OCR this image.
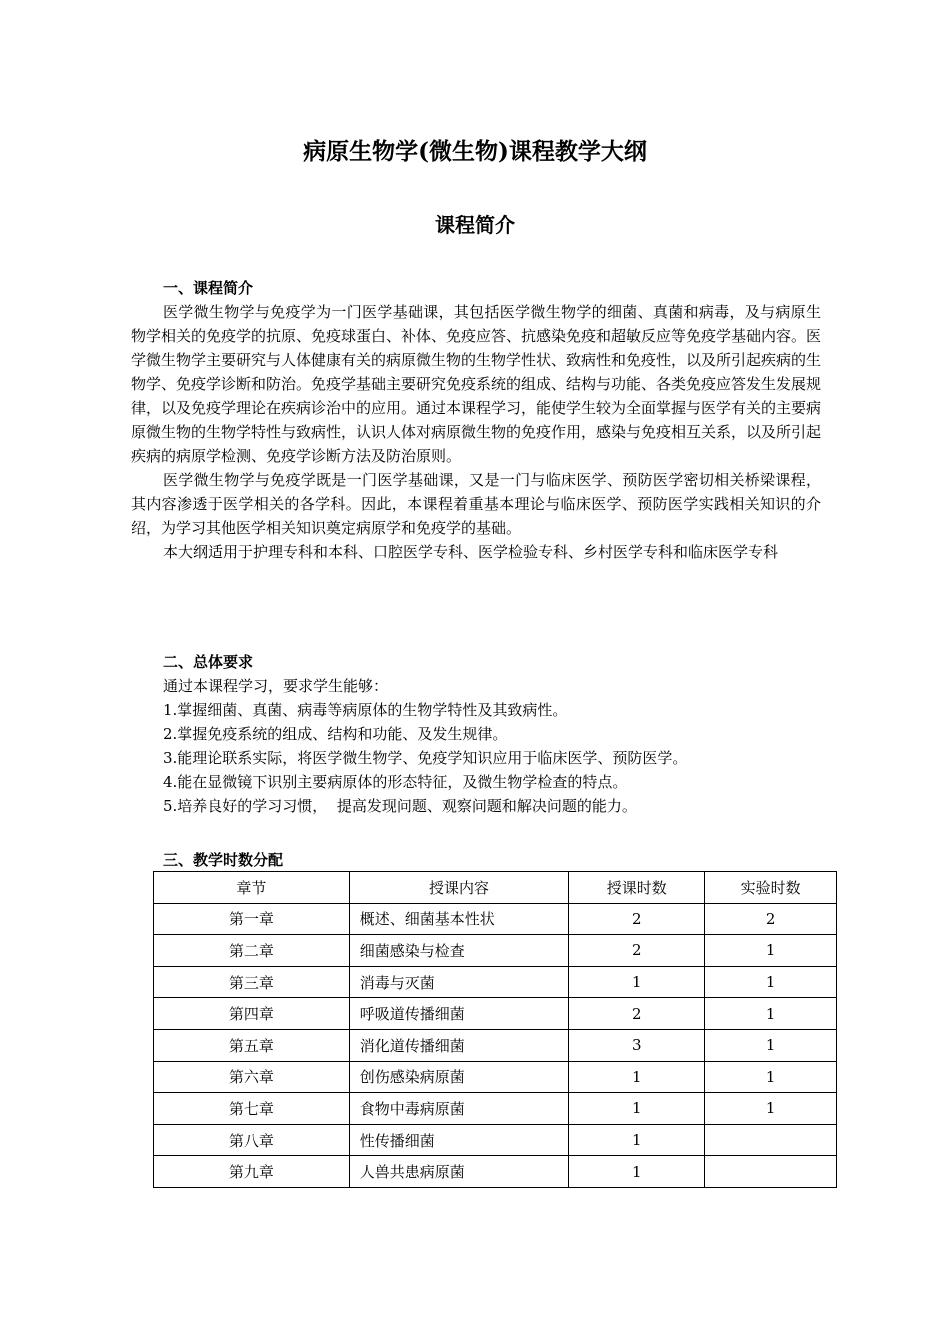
病原生物学(微生物)课程教学大纲
课程简介
一、课程简介

医学微生物学与免疫学为一门医学基础课，其包括医学微生物学的细菌、真菌和病毒，及与病原生物学相关的免疫学的抗原、免疫球蛋白、补体、免疫应答、抗感染免疫和超敏反应等免疫学基础内容。医学微生物学主要研究与人体健康有关的病原微生物的生物学性状、致病性和免疫性，以及所引起疾病的生物学、免疫学诊断和防治。免疫学基础主要研究免疫系统的组成、结构与功能、各类免疫应答发生发展规律，以及免疫学理论在疾病诊治中的应用。通过本课程学习，能使学生较为全面掌握与医学有关的主要病原微生物的生物学特性与致病性，认识人体对病原微生物的免疫作用，感染与免疫相互关系，以及所引起疾病的病原学检测、免疫学诊断方法及防治原则。

医学微生物学与免疫学既是一门医学基础课，又是一门与临床医学、预防医学密切相关桥梁课程，其内容渗透于医学相关的各学科。因此，本课程着重基本理论与临床医学、预防医学实践相关知识的介绍，为学习其他医学相关知识奠定病原学和免疫学的基础。

本大纲适用于护理专科和本科、口腔医学专科、医学检验专科、乡村医学专科和临床医学专科

二、总体要求

通过本课程学习，要求学生能够：

1.掌握细菌、真菌、病毒等病原体的生物学特性及其致病性。

2.掌握免疫系统的组成、结构和功能、及发生规律。

3.能理论联系实际，将医学微生物学、免疫学知识应用于临床医学、预防医学。

4.能在显微镜下识别主要病原体的形态特征，及微生物学检查的特点。

5.培养良好的学习习惯，  提高发现问题、观察问题和解决问题的能力。

三、教学时数分配
章节	授课内容	授课时数	实验时数
第一章	概述、细菌基本性状	2	2
第二章	细菌感染与检查	2	1
第三章	消毒与灭菌	1	1
第四章	呼吸道传播细菌	2	1
第五章	消化道传播细菌	3	1
第六章	创伤感染病原菌	1	1
第七章	食物中毒病原菌	1	1
第八章	性传播细菌	1	
第九章	人兽共患病原菌	1	
